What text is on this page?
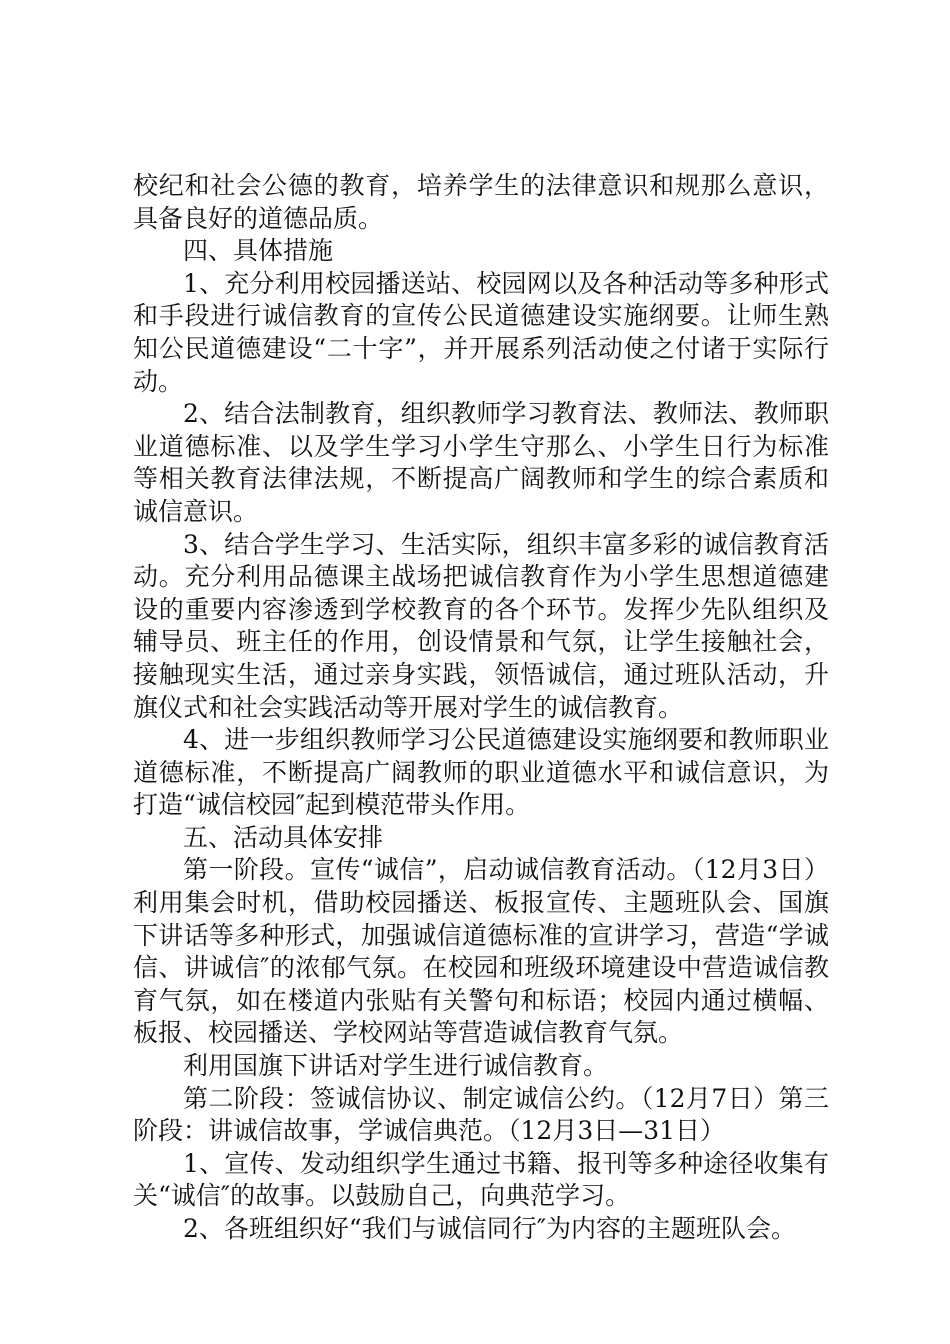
校纪和社会公德的教育，培养学生的法律意识和规那么意识，具备良好的道德品质。

四、具体措施

1、充分利用校园播送站、校园网以及各种活动等多种形式和手段进行诚信教育的宣传公民道德建设实施纲要。让师生熟知公民道德建设“二十字”，并开展系列活动使之付诸于实际行动。

2、结合法制教育，组织教师学习教育法、教师法、教师职业道德标准、以及学生学习小学生守那么、小学生日行为标准等相关教育法律法规，不断提高广阔教师和学生的综合素质和诚信意识。

3、结合学生学习、生活实际，组织丰富多彩的诚信教育活动。充分利用品德课主战场把诚信教育作为小学生思想道德建设的重要内容渗透到学校教育的各个环节。发挥少先队组织及辅导员、班主任的作用，创设情景和气氛，让学生接触社会，接触现实生活，通过亲身实践，领悟诚信，通过班队活动，升旗仪式和社会实践活动等开展对学生的诚信教育。

4、进一步组织教师学习公民道德建设实施纲要和教师职业道德标准，不断提高广阔教师的职业道德水平和诚信意识，为打造“诚信校园″起到模范带头作用。

五、活动具体安排

第一阶段。宣传“诚信”，启动诚信教育活动。（12月3日）利用集会时机，借助校园播送、板报宣传、主题班队会、国旗下讲话等多种形式，加强诚信道德标准的宣讲学习，营造“学诚信、讲诚信″的浓郁气氛。在校园和班级环境建设中营造诚信教育气氛，如在楼道内张贴有关警句和标语；校园内通过横幅、板报、校园播送、学校网站等营造诚信教育气氛。

利用国旗下讲话对学生进行诚信教育。

第二阶段：签诚信协议、制定诚信公约。（12月7日）第三阶段：讲诚信故事，学诚信典范。（12月3日—31日）

1、宣传、发动组织学生通过书籍、报刊等多种途径收集有关“诚信″的故事。以鼓励自己，向典范学习。

2、各班组织好“我们与诚信同行″为内容的主题班队会。
